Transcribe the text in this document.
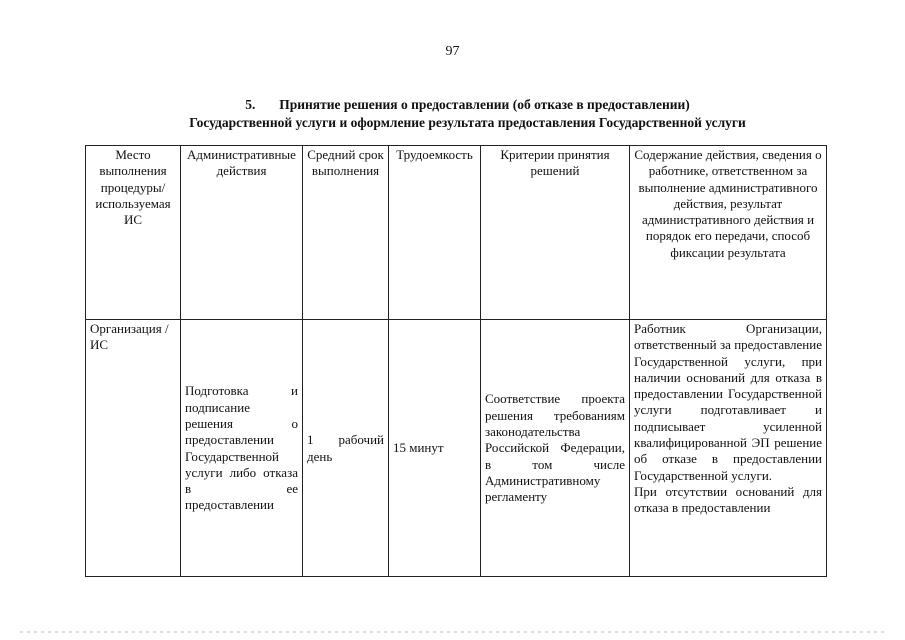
97
5. Принятие решения о предоставлении (об отказе в предоставлении)
Государственной услуги и оформление результата предоставления Государственной услуги
Место выполнения процедуры/используемая ИС	Административные действия	Средний срок выполнения	Трудоемкость	Критерии принятия решений	Содержание действия, сведения о работнике, ответственном за выполнение административного действия, результат административного действия и порядок его передачи, способ фиксации результата
Организация / ИС	Подготовка и подписание решения о предоставлении Государственной услуги либо отказа в ее предоставлении	1 рабочий день	15 минут	Соответствие проекта решения требованиям законодательства Российской Федерации, в том числе Административному регламенту	Работник Организации, ответственный за предоставление Государственной услуги, при наличии оснований для отказа в предоставлении Государственной услуги подготавливает и подписывает усиленной квалифицированной ЭП решение об отказе в предоставлении Государственной услуги.
При отсутствии оснований для отказа в предоставлении
